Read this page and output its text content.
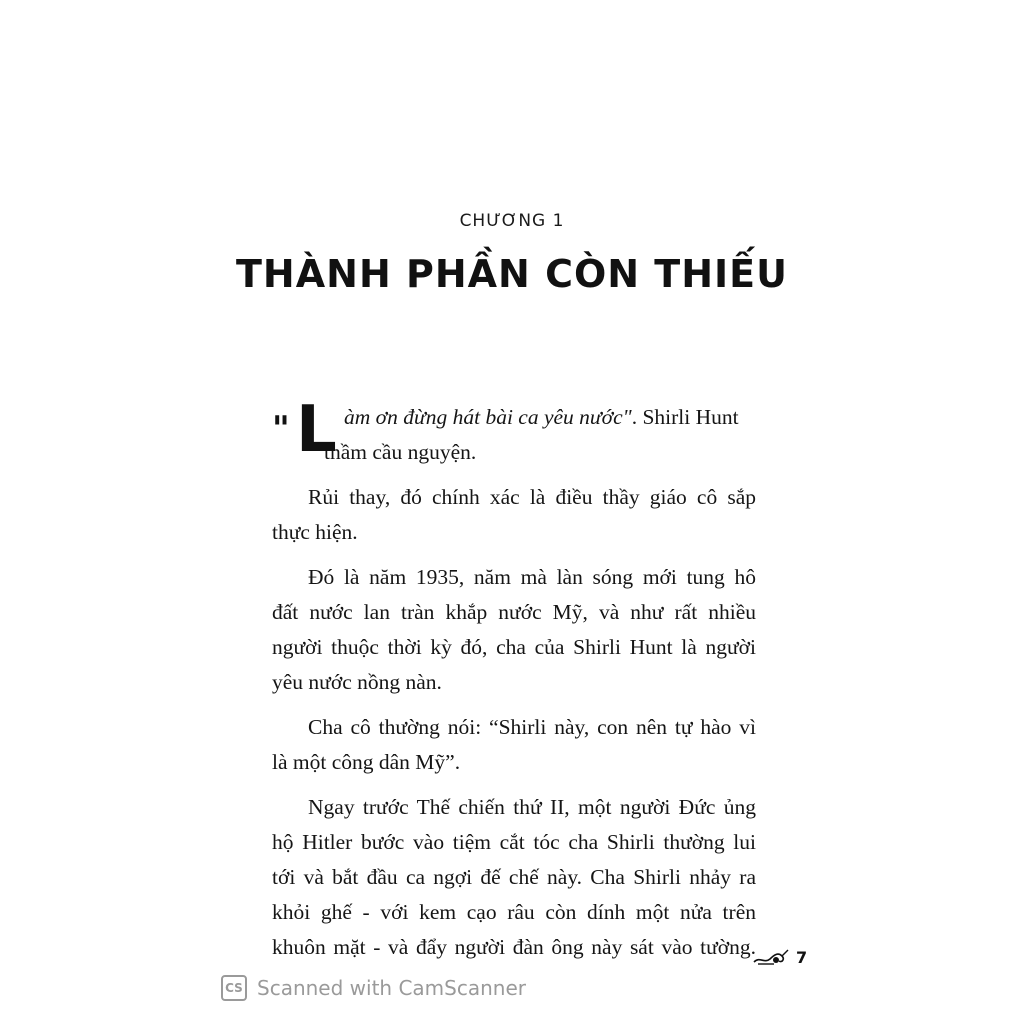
CHƯƠNG 1
THÀNH PHẦN CÒN THIẾU
" L àm ơn đừng hát bài ca yêu nước". Shirli Hunt
thầm cầu nguyện.
Rủi thay, đó chính xác là điều thầy giáo cô sắp
thực hiện.
Đó là năm 1935, năm mà làn sóng mới tung hô
đất nước lan tràn khắp nước Mỹ, và như rất nhiều
người thuộc thời kỳ đó, cha của Shirli Hunt là người
yêu nước nồng nàn.
Cha cô thường nói: “Shirli này, con nên tự hào vì
là một công dân Mỹ”.
Ngay trước Thế chiến thứ II, một người Đức ủng
hộ Hitler bước vào tiệm cắt tóc cha Shirli thường lui
tới và bắt đầu ca ngợi đế chế này. Cha Shirli nhảy ra
khỏi ghế - với kem cạo râu còn dính một nửa trên
khuôn mặt - và đẩy người đàn ông này sát vào tường.	7
CS Scanned with CamScanner
